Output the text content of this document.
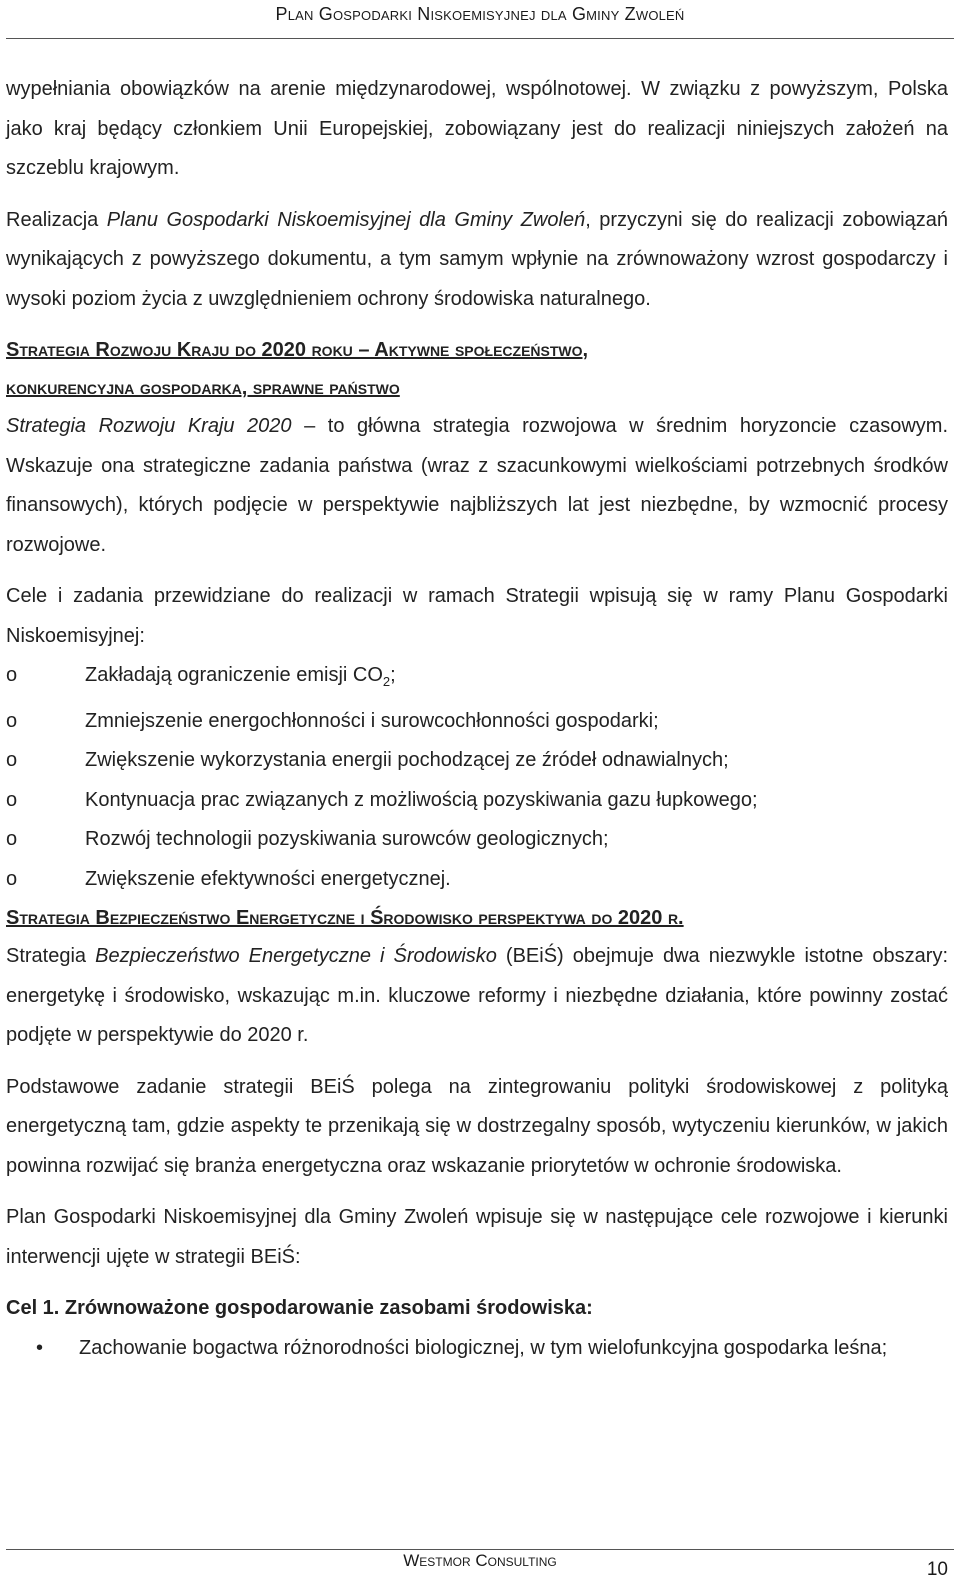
Plan Gospodarki Niskoemisyjnej dla Gminy Zwoleń

wypełniania obowiązków na arenie międzynarodowej, wspólnotowej. W związku z powyższym, Polska jako kraj będący członkiem Unii Europejskiej, zobowiązany jest do realizacji niniejszych założeń na szczeblu krajowym.

Realizacja Planu Gospodarki Niskoemisyjnej dla Gminy Zwoleń, przyczyni się do realizacji zobowiązań wynikających z powyższego dokumentu, a tym samym wpłynie na zrównoważony wzrost gospodarczy i wysoki poziom życia z uwzględnieniem ochrony środowiska naturalnego.

Strategia Rozwoju Kraju do 2020 roku – Aktywne społeczeństwo,
konkurencyjna gospodarka, sprawne państwo

Strategia Rozwoju Kraju 2020 – to główna strategia rozwojowa w średnim horyzoncie czasowym. Wskazuje ona strategiczne zadania państwa (wraz z szacunkowymi wielkościami potrzebnych środków finansowych), których podjęcie w perspektywie najbliższych lat jest niezbędne, by wzmocnić procesy rozwojowe.

Cele i zadania przewidziane do realizacji w ramach Strategii wpisują się w ramy Planu Gospodarki Niskoemisyjnej:

o	Zakładają ograniczenie emisji $CO_2$;
o	Zmniejszenie energochłonności i surowcochłonności gospodarki;
o	Zwiększenie wykorzystania energii pochodzącej ze źródeł odnawialnych;
o	Kontynuacja prac związanych z możliwością pozyskiwania gazu łupkowego;
o	Rozwój technologii pozyskiwania surowców geologicznych;
o	Zwiększenie efektywności energetycznej.
Strategia Bezpieczeństwo Energetyczne i Środowisko perspektywa do 2020 r.

Strategia Bezpieczeństwo Energetyczne i Środowisko (BEiŚ) obejmuje dwa niezwykle istotne obszary: energetykę i środowisko, wskazując m.in. kluczowe reformy i niezbędne działania, które powinny zostać podjęte w perspektywie do 2020 r.

Podstawowe zadanie strategii BEiŚ polega na zintegrowaniu polityki środowiskowej z polityką energetyczną tam, gdzie aspekty te przenikają się w dostrzegalny sposób, wytyczeniu kierunków, w jakich powinna rozwijać się branża energetyczna oraz wskazanie priorytetów w ochronie środowiska.

Plan Gospodarki Niskoemisyjnej dla Gminy Zwoleń wpisuje się w następujące cele rozwojowe i kierunki interwencji ujęte w strategii BEiŚ:

Cel 1. Zrównoważone gospodarowanie zasobami środowiska:
• Zachowanie bogactwa różnorodności biologicznej, w tym wielofunkcyjna gospodarka leśna;
Westmor Consulting	10
